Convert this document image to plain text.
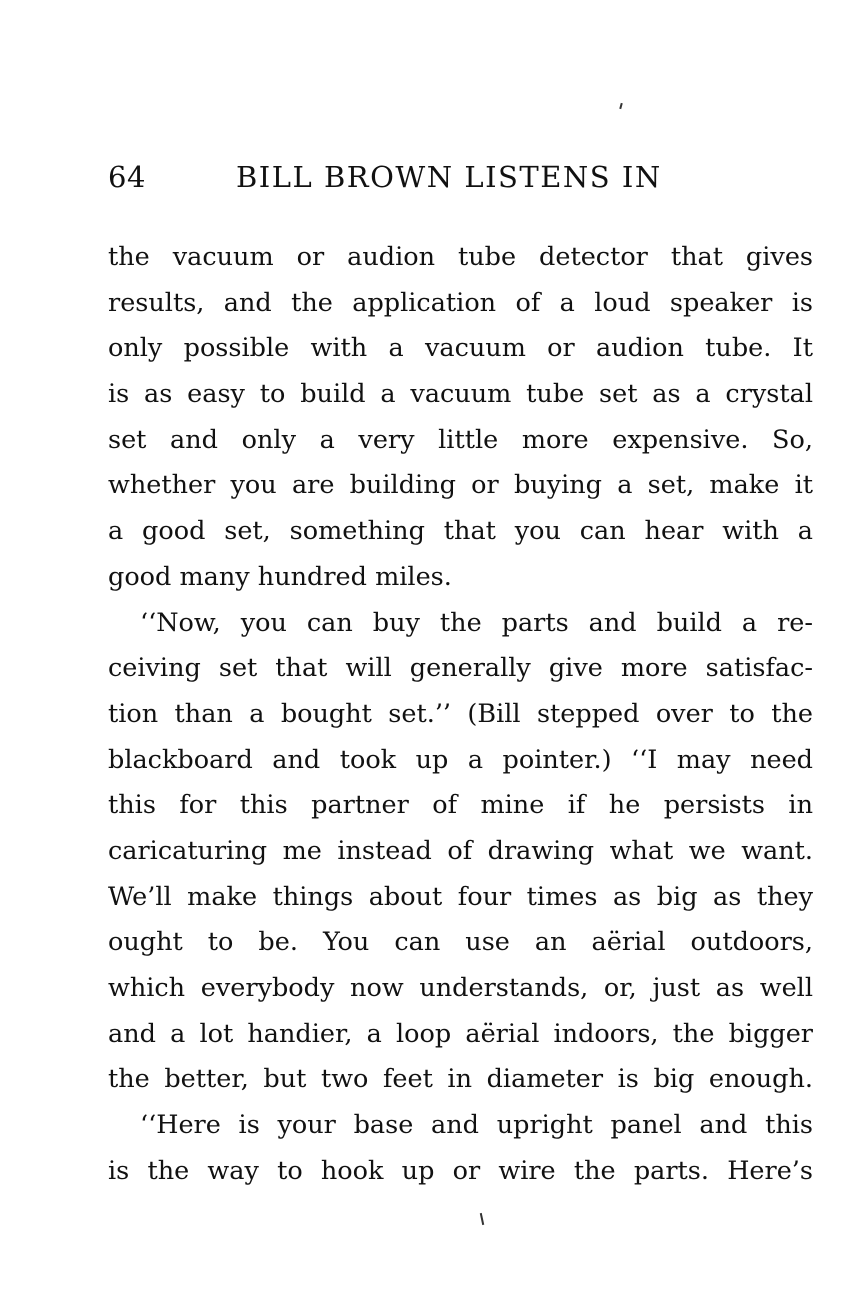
64	BILL BROWN LISTENS IN
the vacuum or audion tube detector that gives
results, and the application of a loud speaker is
only possible with a vacuum or audion tube. It
is as easy to build a vacuum tube set as a crystal
set and only a very little more expensive. So,
whether you are building or buying a set, make it
a good set, something that you can hear with a
good many hundred miles.
‘‘Now, you can buy the parts and build a re-
ceiving set that will generally give more satisfac-
tion than a bought set.’’ (Bill stepped over to the
blackboard and took up a pointer.) ‘‘I may need
this for this partner of mine if he persists in
caricaturing me instead of drawing what we want.
We’ll make things about four times as big as they
ought to be. You can use an aërial outdoors,
which everybody now understands, or, just as well
and a lot handier, a loop aërial indoors, the bigger
the better, but two feet in diameter is big enough.
‘‘Here is your base and upright panel and this
is the way to hook up or wire the parts. Here’s
